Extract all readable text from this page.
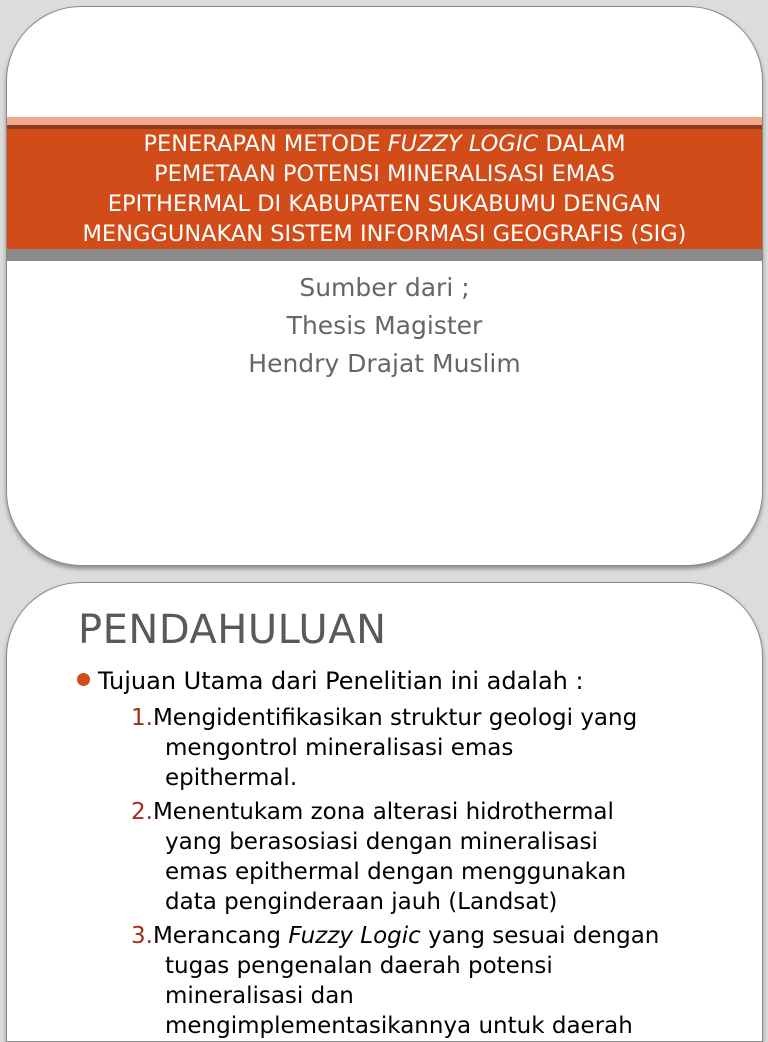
PENERAPAN METODE FUZZY LOGIC DALAM
PEMETAAN POTENSI MINERALISASI EMAS
EPITHERMAL DI KABUPATEN SUKABUMU DENGAN
MENGGUNAKAN SISTEM INFORMASI GEOGRAFIS (SIG)
Sumber dari ;
Thesis Magister
Hendry Drajat Muslim
PENDAHULUAN
Tujuan Utama dari Penelitian ini adalah :
1.Mengidentifikasikan struktur geologi yang
mengontrol mineralisasi emas
epithermal.
2.Menentukam zona alterasi hidrothermal
yang berasosiasi dengan mineralisasi
emas epithermal dengan menggunakan
data penginderaan jauh (Landsat)
3.Merancang Fuzzy Logic yang sesuai dengan
tugas pengenalan daerah potensi
mineralisasi dan
mengimplementasikannya untuk daerah
